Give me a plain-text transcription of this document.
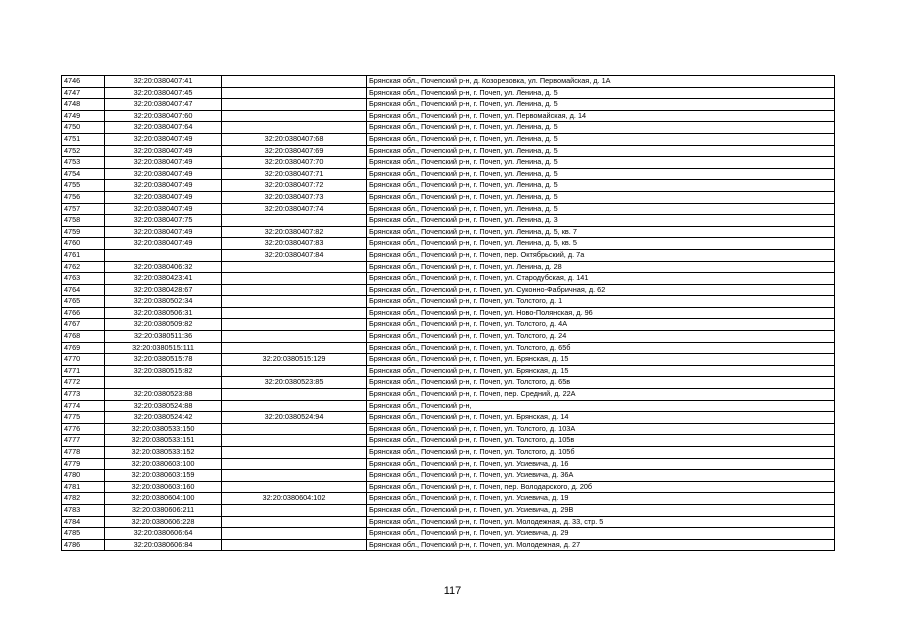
4746	32:20:0380407:41		Брянская обл., Почепский р-н, д. Козорезовка, ул. Первомайская, д. 1А
4747	32:20:0380407:45		Брянская обл., Почепский р-н, г. Почеп, ул. Ленина, д. 5
4748	32:20:0380407:47		Брянская обл., Почепский р-н, г. Почеп, ул. Ленина, д. 5
4749	32:20:0380407:60		Брянская обл., Почепский р-н, г. Почеп, ул. Первомайская, д. 14
4750	32:20:0380407:64		Брянская обл., Почепский р-н, г. Почеп, ул. Ленина, д. 5
4751	32:20:0380407:49	32:20:0380407:68	Брянская обл., Почепский р-н, г. Почеп, ул. Ленина, д. 5
4752	32:20:0380407:49	32:20:0380407:69	Брянская обл., Почепский р-н, г. Почеп, ул. Ленина, д. 5
4753	32:20:0380407:49	32:20:0380407:70	Брянская обл., Почепский р-н, г. Почеп, ул. Ленина, д. 5
4754	32:20:0380407:49	32:20:0380407:71	Брянская обл., Почепский р-н, г. Почеп, ул. Ленина, д. 5
4755	32:20:0380407:49	32:20:0380407:72	Брянская обл., Почепский р-н, г. Почеп, ул. Ленина, д. 5
4756	32:20:0380407:49	32:20:0380407:73	Брянская обл., Почепский р-н, г. Почеп, ул. Ленина, д. 5
4757	32:20:0380407:49	32:20:0380407:74	Брянская обл., Почепский р-н, г. Почеп, ул. Ленина, д. 5
4758	32:20:0380407:75		Брянская обл., Почепский р-н, г. Почеп, ул. Ленина, д. 3
4759	32:20:0380407:49	32:20:0380407:82	Брянская обл., Почепский р-н, г. Почеп, ул. Ленина, д. 5, кв. 7
4760	32:20:0380407:49	32:20:0380407:83	Брянская обл., Почепский р-н, г. Почеп, ул. Ленина, д. 5, кв. 5
4761		32:20:0380407:84	Брянская обл., Почепский р-н, г. Почеп, пер. Октябрьский, д. 7а
4762	32:20:0380406:32		Брянская обл., Почепский р-н, г. Почеп, ул. Ленина, д. 28
4763	32:20:0380423:41		Брянская обл., Почепский р-н, г. Почеп, ул. Стародубская, д. 141
4764	32:20:0380428:67		Брянская обл., Почепский р-н, г. Почеп, ул. Суконно-Фабричная, д. 62
4765	32:20:0380502:34		Брянская обл., Почепский р-н, г. Почеп, ул. Толстого, д. 1
4766	32:20:0380506:31		Брянская обл., Почепский р-н, г. Почеп, ул. Ново-Полянская, д. 96
4767	32:20:0380509:82		Брянская обл., Почепский р-н, г. Почеп, ул. Толстого, д. 4А
4768	32:20:0380511:36		Брянская обл., Почепский р-н, г. Почеп, ул. Толстого, д. 24
4769	32:20:0380515:111		Брянская обл., Почепский р-н, г. Почеп, ул. Толстого, д. 65б
4770	32:20:0380515:78	32:20:0380515:129	Брянская обл., Почепский р-н, г. Почеп, ул. Брянская, д. 15
4771	32:20:0380515:82		Брянская обл., Почепский р-н, г. Почеп, ул. Брянская, д. 15
4772		32:20:0380523:85	Брянская обл., Почепский р-н, г. Почеп, ул. Толстого, д. 65в
4773	32:20:0380523:88		Брянская обл., Почепский р-н, г. Почеп, пер. Средний, д. 22А
4774	32:20:0380524:88		Брянская обл., Почепский р-н,
4775	32:20:0380524:42	32:20:0380524:94	Брянская обл., Почепский р-н, г. Почеп, ул. Брянская, д. 14
4776	32:20:0380533:150		Брянская обл., Почепский р-н, г. Почеп, ул. Толстого, д. 103А
4777	32:20:0380533:151		Брянская обл., Почепский р-н, г. Почеп, ул. Толстого, д. 105в
4778	32:20:0380533:152		Брянская обл., Почепский р-н, г. Почеп, ул. Толстого, д. 105б
4779	32:20:0380603:100		Брянская обл., Почепский р-н, г. Почеп, ул. Усиевича, д. 16
4780	32:20:0380603:159		Брянская обл., Почепский р-н, г. Почеп, ул. Усиевича, д. 36А
4781	32:20:0380603:160		Брянская обл., Почепский р-н, г. Почеп, пер. Володарского, д. 20б
4782	32:20:0380604:100	32:20:0380604:102	Брянская обл., Почепский р-н, г. Почеп, ул. Усиевича, д. 19
4783	32:20:0380606:211		Брянская обл., Почепский р-н, г. Почеп, ул. Усиевича, д. 29В
4784	32:20:0380606:228		Брянская обл., Почепский р-н, г. Почеп, ул. Молодежная, д. 33, стр. 5
4785	32:20:0380606:64		Брянская обл., Почепский р-н, г. Почеп, ул. Усиевича, д. 29
4786	32:20:0380606:84		Брянская обл., Почепский р-н, г. Почеп, ул. Молодежная, д. 27
117
